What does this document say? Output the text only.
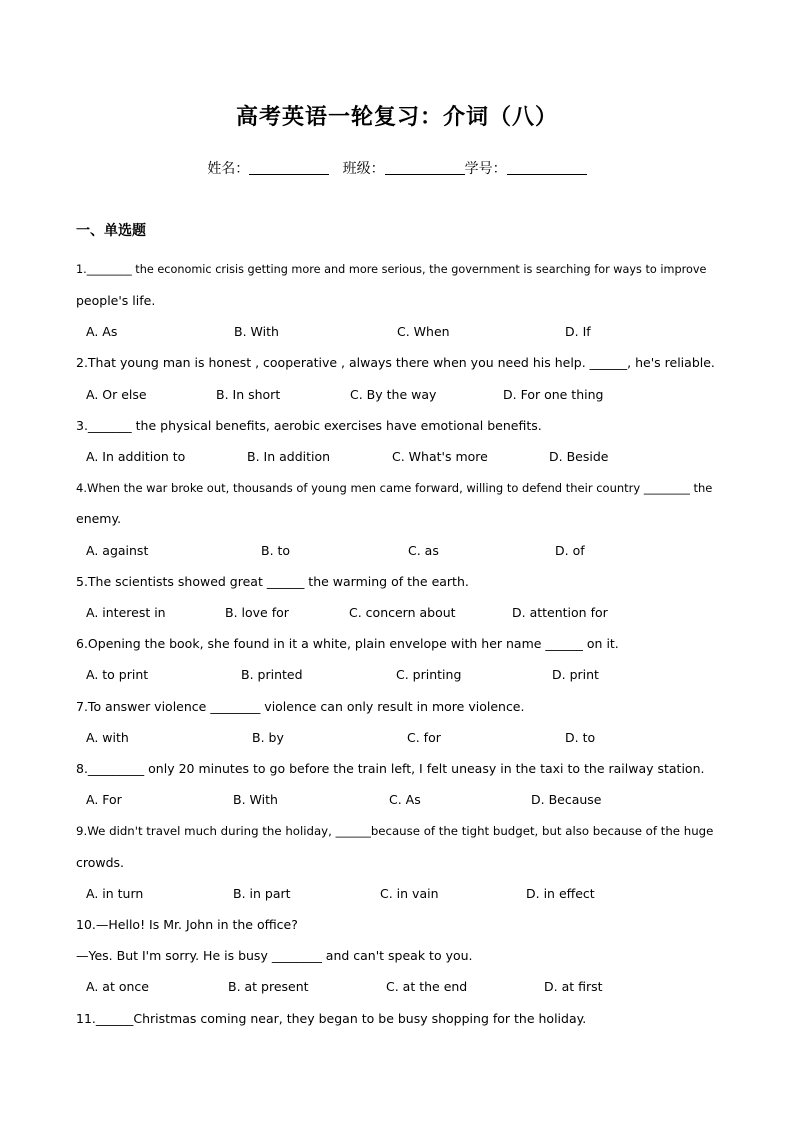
高考英语一轮复习：介词（八）
姓名：	班级：	学号：
一、单选题
1.________ the economic crisis getting more and more serious, the government is searching for ways to improve
people's life.
A. As	B. With	C. When	D. If
2.That young man is honest , cooperative , always there when you need his help. ______, he's reliable.
A. Or else	B. In short	C. By the way	D. For one thing
3._______ the physical benefits, aerobic exercises have emotional benefits.
A. In addition to	B. In addition	C. What's more	D. Beside
4.When the war broke out, thousands of young men came forward, willing to defend their country ________ the
enemy.
A. against	B. to	C. as	D. of
5.The scientists showed great ______ the warming of the earth.
A. interest in	B. love for	C. concern about	D. attention for
6.Opening the book, she found in it a white, plain envelope with her name ______ on it.
A. to print	B. printed	C. printing	D. print
7.To answer violence ________ violence can only result in more violence.
A. with	B. by	C. for	D. to
8._________ only 20 minutes to go before the train left, I felt uneasy in the taxi to the railway station.
A. For	B. With	C. As	D. Because
9.We didn't travel much during the holiday, ______because of the tight budget, but also because of the huge
crowds.
A. in turn	B. in part	C. in vain	D. in effect
10.—Hello! Is Mr. John in the office?
—Yes. But I'm sorry. He is busy ________ and can't speak to you.
A. at once	B. at present	C. at the end	D. at first
11.______Christmas coming near, they began to be busy shopping for the holiday.
